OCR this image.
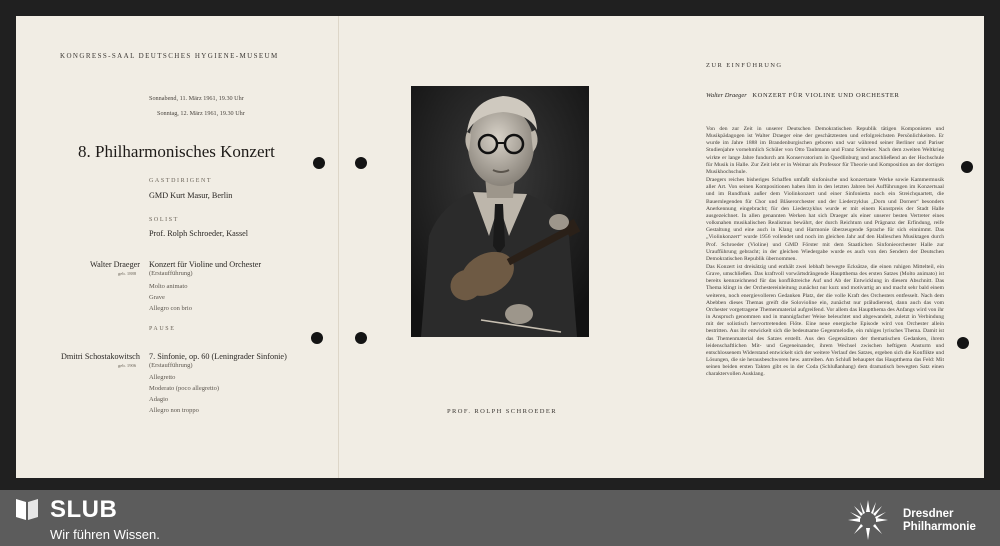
KONGRESS-SAAL DEUTSCHES HYGIENE-MUSEUM
Sonnabend, 11. März 1961, 19.30 Uhr
Sonntag, 12. März 1961, 19.30 Uhr
8. Philharmonisches Konzert
GASTDIRIGENT
GMD Kurt Masur, Berlin
SOLIST
Prof. Rolph Schroeder, Kassel
Walter Draeger
geb. 1888
Konzert für Violine und Orchester
(Erstaufführung)
Molto animato
Grave
Allegro con brio
PAUSE
Dmitri Schostakowitsch
geb. 1906
7. Sinfonie, op. 60 (Leningrader Sinfonie)
(Erstaufführung)
Allegretto
Moderato (poco allegretto)
Adagio
Allegro non troppo	PROF. ROLPH SCHROEDER
ZUR EINFÜHRUNG
Walter Draeger KONZERT FÜR VIOLINE UND ORCHESTER

Von den zur Zeit in unserer Deutschen Demokratischen Republik tätigen Komponisten und Musikpädagogen ist Walter Draeger eine der geschätztesten und erfolgreichsten Persönlichkeiten. Er wurde im Jahre 1888 im Brandenburgischen geboren und war während seiner Berliner und Pariser Studienjahre vornehmlich Schüler von Otto Taubmann und Franz Schreker. Nach dem zweiten Weltkrieg wirkte er lange Jahre fundurch am Konservatorium in Quedlinburg und anschließend an der Hochschule für Musik in Halle. Zur Zeit lebt er in Weimar als Professor für Theorie und Komposition an der dortigen Musikhochschule.

Draegers reiches bisheriges Schaffen umfaßt sinfonische und konzertante Werke sowie Kammermusik aller Art. Von seinen Kompositionen haben ihm in den letzten Jahren bei Aufführungen im Konzertsaal und im Rundfunk außer dem Violinkonzert und einer Sinfonietta noch ein Streichquartett, die Bauernlegenden für Chor und Bläserorchester und der Liederzyklus „Dorn und Dornen“ besonders Anerkennung eingebracht; für den Liederzyklus wurde er mit einem Kunstpreis der Stadt Halle ausgezeichnet. In allen genannten Werken hat sich Draeger als einer unserer besten Vertreter eines volksnahen musikalischen Realismus bewährt, der durch Reichtum und Prägnanz der Erfindung, reife Gestaltung und eine auch in Klang und Harmonie überzeugende Sprache für sich einnimmt. Das „Violinkonzert“ wurde 1956 vollendet und noch im gleichen Jahr auf den Halleschen Musiktagen durch Prof. Schroeder (Violine) und GMD Förster mit dem Staatlichen Sinfonieorchester Halle zur Uraufführung gebracht; in der gleichen Wiedergabe wurde es auch von den Sendern der Deutschen Demokratischen Republik übernommen.

Das Konzert ist dreisätzig und enthält zwei lebhaft bewegte Ecksätze, die einen ruhigen Mittelteil, ein Grave, umschließen. Das kraftvoll vorwärtsdrängende Hauptthema des ersten Satzes (Molto animato) ist bereits kennzeichnend für das konfliktreiche Auf und Ab der Entwicklung in diesem Abschnitt. Das Thema klingt in der Orchestereinleitung zunächst nur kurz und motivartig an und macht sehr bald einem weiteren, noch energievolleren Gedanken Platz, der die volle Kraft des Orchesters entfesselt. Nach dem Abebben dieses Themas greift die Solovioline ein, zunächst nur präludierend, dann auch das vom Orchester vorgetragene Themenmaterial aufgreifend. Vor allem das Hauptthema des Anfangs wird von ihr in Anspruch genommen und in mannigfacher Weise beleuchtet und abgewandelt, zuletzt in Verbindung mit der solistisch hervortretenden Flöte. Eine neue energische Episode wird von Orchester allein bestritten. Aus ihr entwickelt sich die bedeutsame Gegenmelodie, ein ruhiges lyrisches Thema. Damit ist das Themenmaterial des Satzes erstellt. Aus den Gegensätzen der thematischen Gedanken, ihrem leidenschaftlichen Mit- und Gegeneinander, ihrem Wechsel zwischen heftigem Ansturm und entschlossenem Widerstand entwickelt sich der weitere Verlauf des Satzes, ergeben sich die Konflikte und Lösungen, die sie herausbeschworen hew. antreiben. Am Schluß behauptet das Hauptthema das Feld: Mit seinen beiden ersten Takten gibt es in der Coda (Schlußanhang) dem dramatisch bewegten Satz einen charaktervollen Ausklang.

SLUB
Wir führen Wissen.
Dresdner
Philharmonie
